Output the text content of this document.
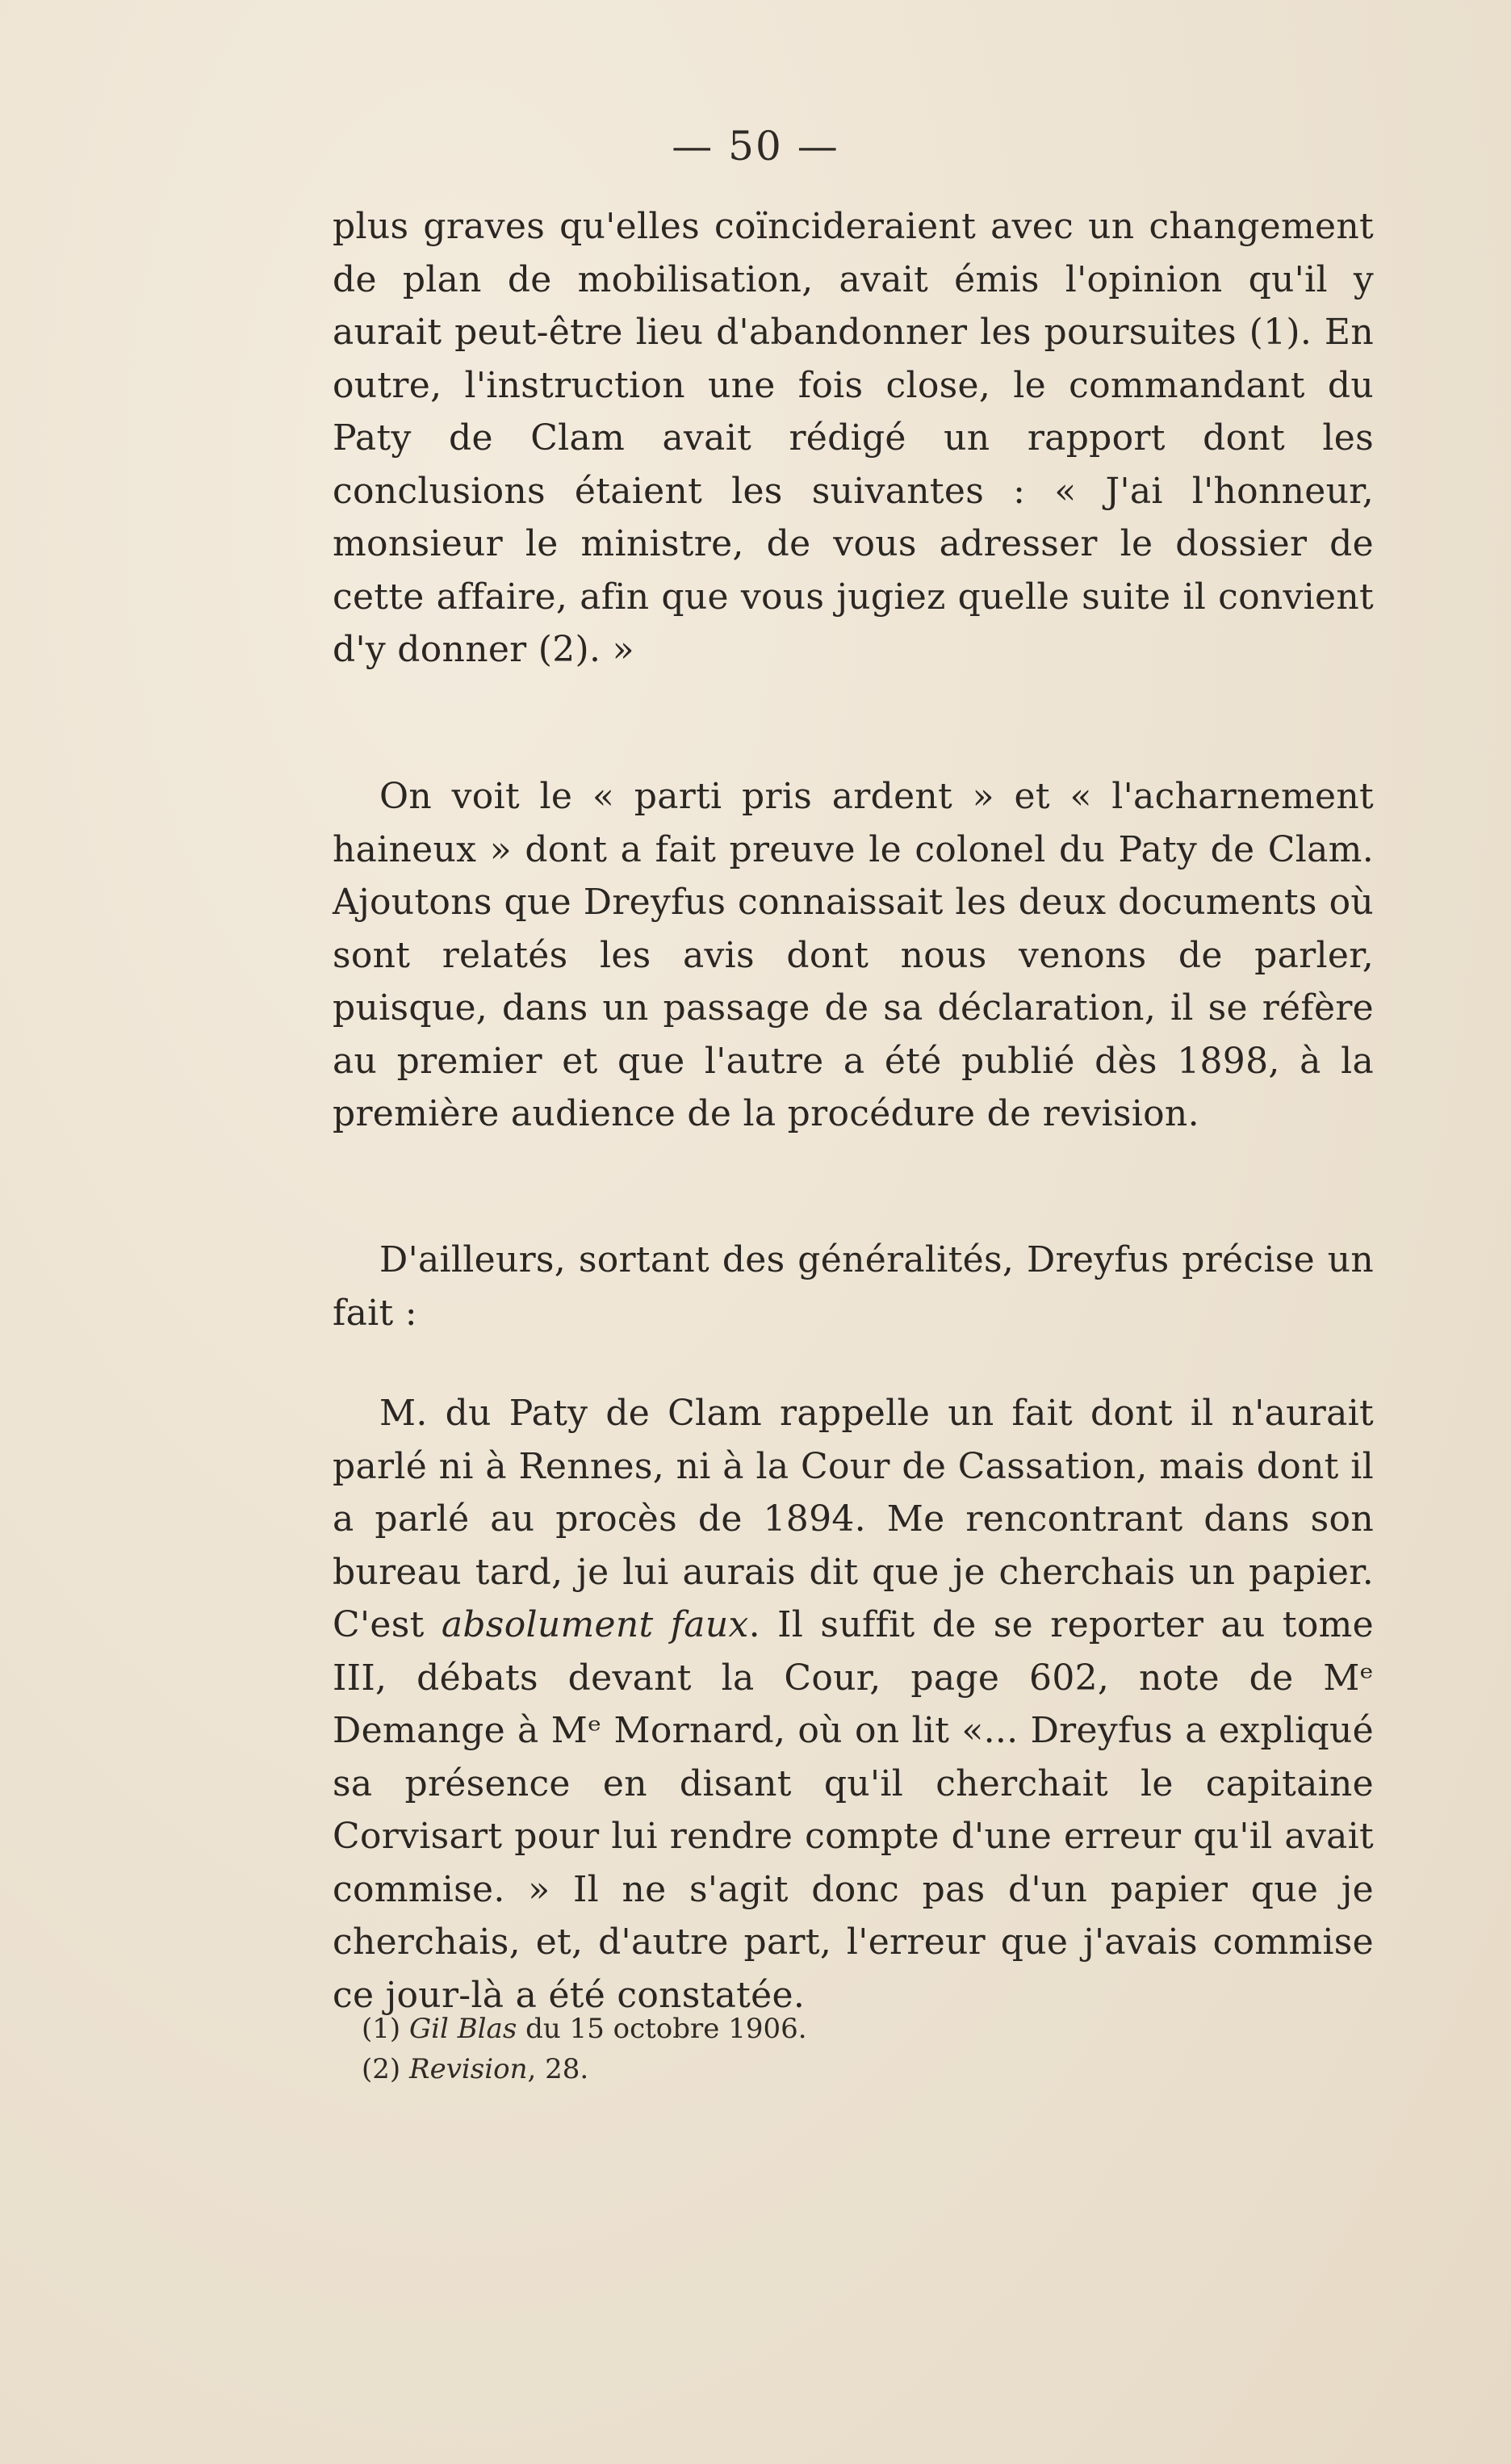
— 50 —

plus graves qu'elles coïncideraient avec un changement de plan de mobilisation, avait émis l'opinion qu'il y aurait peut-être lieu d'abandonner les poursuites (1). En outre, l'instruction une fois close, le commandant du Paty de Clam avait rédigé un rapport dont les conclusions étaient les suivantes : « J'ai l'honneur, monsieur le ministre, de vous adresser le dossier de cette affaire, afin que vous jugiez quelle suite il convient d'y donner (2). »

On voit le « parti pris ardent » et « l'acharnement haineux » dont a fait preuve le colonel du Paty de Clam. Ajoutons que Dreyfus connaissait les deux documents où sont relatés les avis dont nous venons de parler, puisque, dans un passage de sa déclaration, il se réfère au premier et que l'autre a été publié dès 1898, à la première audience de la procédure de revision.

D'ailleurs, sortant des généralités, Dreyfus précise un fait :

M. du Paty de Clam rappelle un fait dont il n'aurait parlé ni à Rennes, ni à la Cour de Cassation, mais dont il a parlé au procès de 1894. Me rencontrant dans son bureau tard, je lui aurais dit que je cherchais un papier. C'est absolument faux. Il suffit de se reporter au tome III, débats devant la Cour, page 602, note de Mᵉ Demange à Mᵉ Mornard, où on lit «... Dreyfus a expliqué sa présence en disant qu'il cherchait le capitaine Corvisart pour lui rendre compte d'une erreur qu'il avait commise. » Il ne s'agit donc pas d'un papier que je cherchais, et, d'autre part, l'erreur que j'avais commise ce jour-là a été constatée.

(1) Gil Blas du 15 octobre 1906.
(2) Revision, 28.
